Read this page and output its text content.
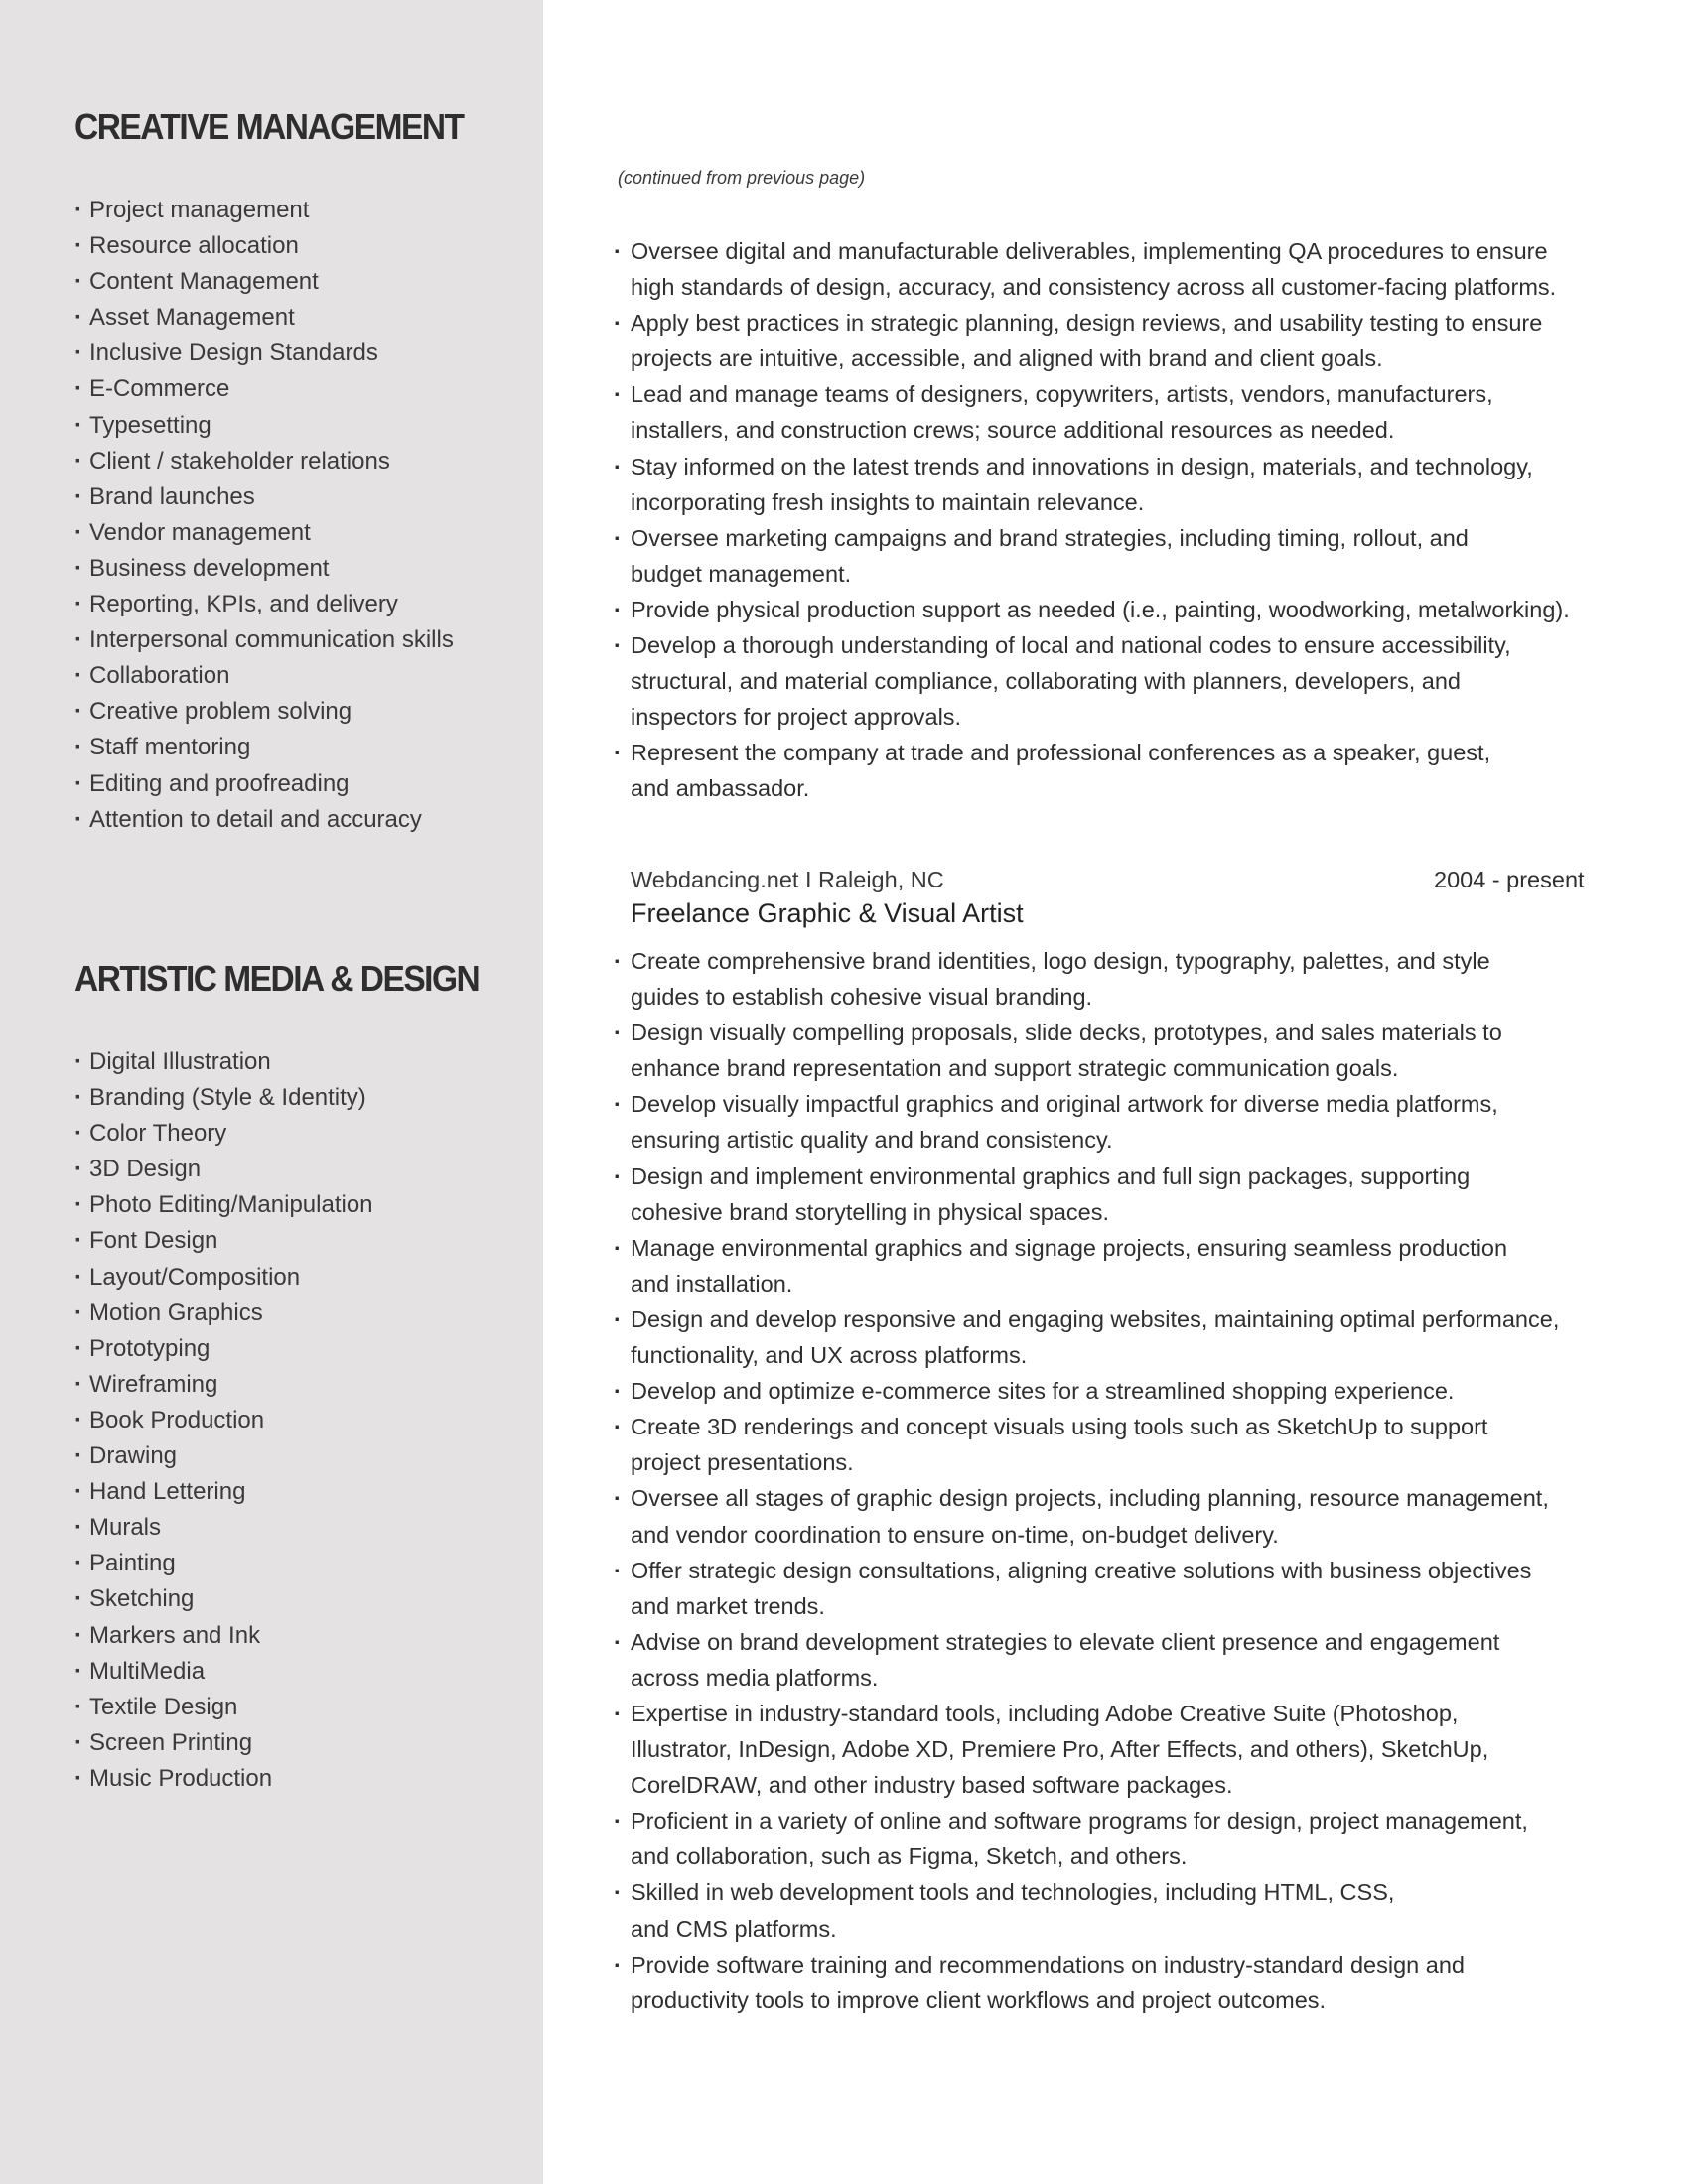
CREATIVE MANAGEMENT
· Project management
· Resource allocation
· Content Management
· Asset Management
· Inclusive Design Standards
· E-Commerce
· Typesetting
· Client / stakeholder relations
· Brand launches
· Vendor management
· Business development
· Reporting, KPIs, and delivery
· Interpersonal communication skills
· Collaboration
· Creative problem solving
· Staff mentoring
· Editing and proofreading
· Attention to detail and accuracy
ARTISTIC MEDIA & DESIGN
· Digital Illustration
· Branding (Style & Identity)
· Color Theory
· 3D Design
· Photo Editing/Manipulation
· Font Design
· Layout/Composition
· Motion Graphics
· Prototyping
· Wireframing
· Book Production
· Drawing
· Hand Lettering
· Murals
· Painting
· Sketching
· Markers and Ink
· MultiMedia
· Textile Design
· Screen Printing
· Music Production
(continued from previous page)
· Oversee digital and manufacturable deliverables, implementing QA procedures to ensure
high standards of design, accuracy, and consistency across all customer-facing platforms.
· Apply best practices in strategic planning, design reviews, and usability testing to ensure
projects are intuitive, accessible, and aligned with brand and client goals.
· Lead and manage teams of designers, copywriters, artists, vendors, manufacturers,
installers, and construction crews; source additional resources as needed.
· Stay informed on the latest trends and innovations in design, materials, and technology,
incorporating fresh insights to maintain relevance.
· Oversee marketing campaigns and brand strategies, including timing, rollout, and
budget management.
· Provide physical production support as needed (i.e., painting, woodworking, metalworking).
· Develop a thorough understanding of local and national codes to ensure accessibility,
structural, and material compliance, collaborating with planners, developers, and
inspectors for project approvals.
· Represent the company at trade and professional conferences as a speaker, guest,
and ambassador.
Webdancing.net I Raleigh, NC	2004 - present
Freelance Graphic & Visual Artist
· Create comprehensive brand identities, logo design, typography, palettes, and style
guides to establish cohesive visual branding.
· Design visually compelling proposals, slide decks, prototypes, and sales materials to
enhance brand representation and support strategic communication goals.
· Develop visually impactful graphics and original artwork for diverse media platforms,
ensuring artistic quality and brand consistency.
· Design and implement environmental graphics and full sign packages, supporting
cohesive brand storytelling in physical spaces.
· Manage environmental graphics and signage projects, ensuring seamless production
and installation.
· Design and develop responsive and engaging websites, maintaining optimal performance,
functionality, and UX across platforms.
· Develop and optimize e-commerce sites for a streamlined shopping experience.
· Create 3D renderings and concept visuals using tools such as SketchUp to support
project presentations.
· Oversee all stages of graphic design projects, including planning, resource management,
and vendor coordination to ensure on-time, on-budget delivery.
· Offer strategic design consultations, aligning creative solutions with business objectives
and market trends.
· Advise on brand development strategies to elevate client presence and engagement
across media platforms.
· Expertise in industry-standard tools, including Adobe Creative Suite (Photoshop,
Illustrator, InDesign, Adobe XD, Premiere Pro, After Effects, and others), SketchUp,
CorelDRAW, and other industry based software packages.
· Proficient in a variety of online and software programs for design, project management,
and collaboration, such as Figma, Sketch, and others.
· Skilled in web development tools and technologies, including HTML, CSS,
and CMS platforms.
· Provide software training and recommendations on industry-standard design and
productivity tools to improve client workflows and project outcomes.
